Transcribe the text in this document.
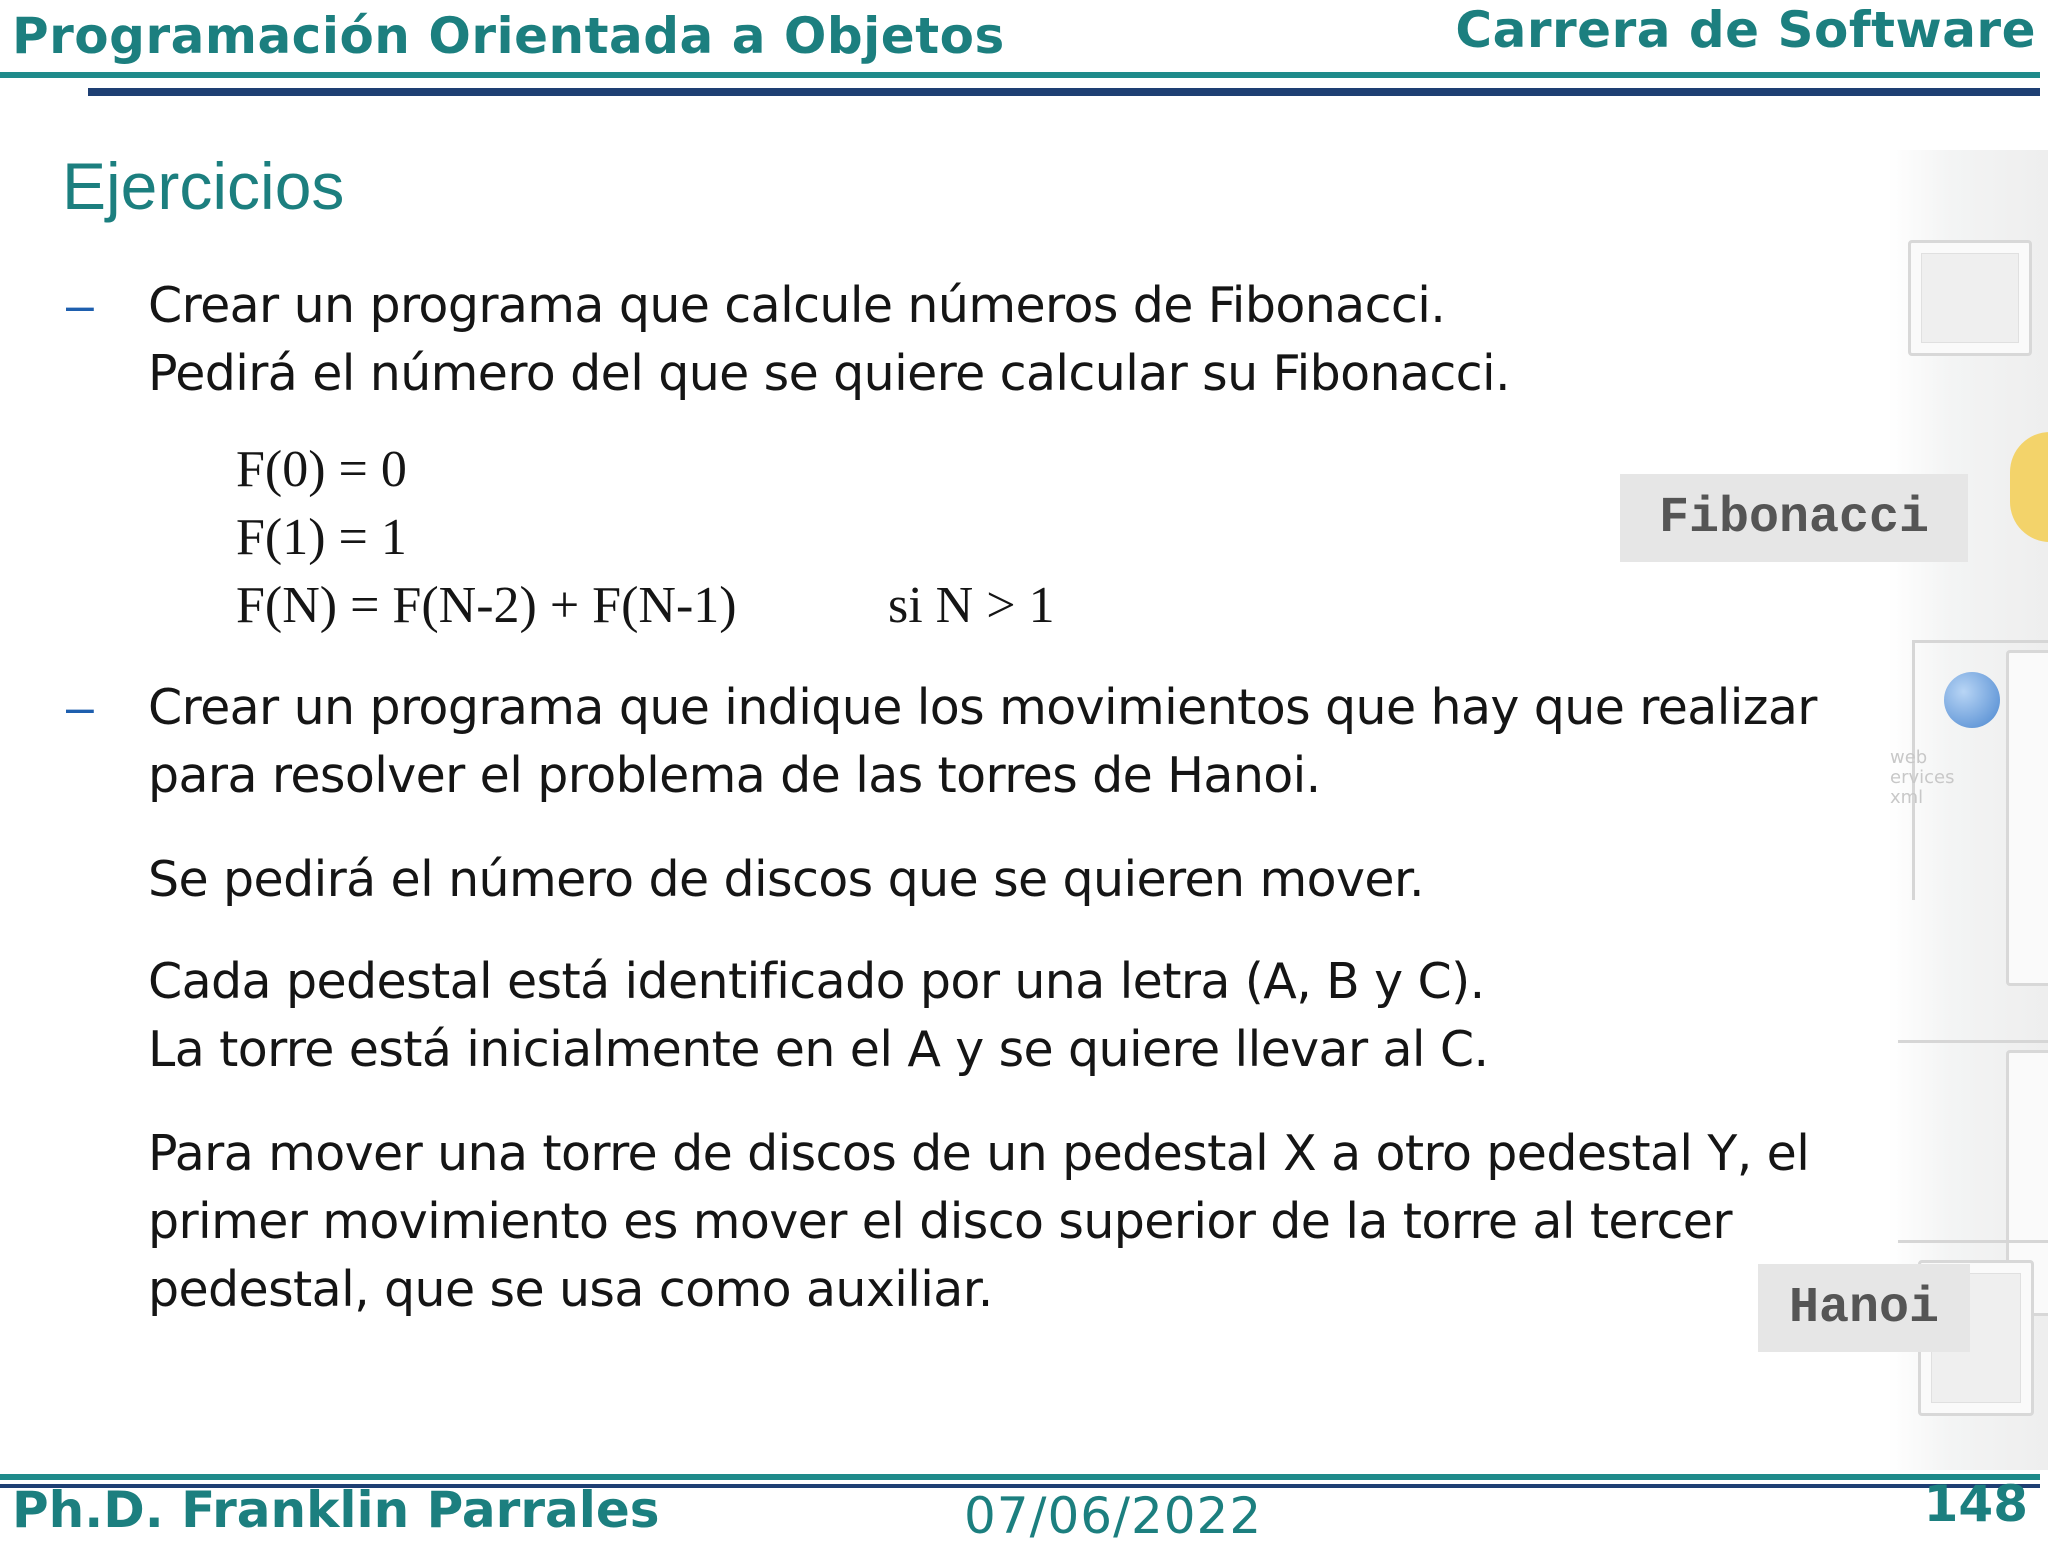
Programación Orientada a Objetos	Carrera de Software
web
ervices
xml
Ejercicios
– Crear un programa que calcule números de Fibonacci.
Pedirá el número del que se quiere calcular su Fibonacci.
F(0) = 0
F(1) = 1
F(N) = F(N-2) + F(N-1)	si N > 1
Fibonacci
– Crear un programa que indique los movimientos que hay que realizar
para resolver el problema de las torres de Hanoi.
Se pedirá el número de discos que se quieren mover.
Cada pedestal está identificado por una letra (A, B y C).
La torre está inicialmente en el A y se quiere llevar al C.
Para mover una torre de discos de un pedestal X a otro pedestal Y, el
primer movimiento es mover el disco superior de la torre al tercer
pedestal, que se usa como auxiliar.	Hanoi
Ph.D. Franklin Parrales	07/06/2022	148
